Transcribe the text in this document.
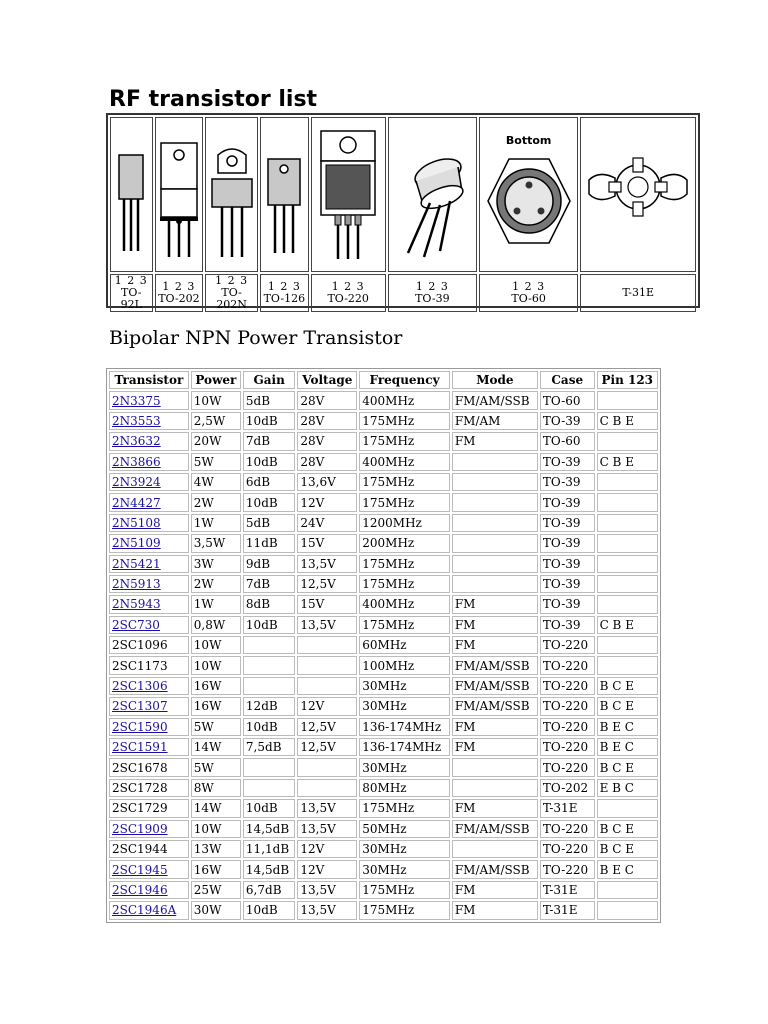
RF transistor list

Bottom

1 2 3
TO-92L	1 2 3
TO-202	1 2 3
TO-202N	1 2 3
TO-126	1 2 3
TO-220	1 2 3
TO-39	1 2 3
TO-60	T-31E
Bipolar NPN Power Transistor
Transistor	Power	Gain	Voltage	Frequency	Mode	Case	Pin 123
2N3375	10W	5dB	28V	400MHz	FM/AM/SSB	TO-60	
2N3553	2,5W	10dB	28V	175MHz	FM/AM	TO-39	C B E
2N3632	20W	7dB	28V	175MHz	FM	TO-60	
2N3866	5W	10dB	28V	400MHz		TO-39	C B E
2N3924	4W	6dB	13,6V	175MHz		TO-39	
2N4427	2W	10dB	12V	175MHz		TO-39	
2N5108	1W	5dB	24V	1200MHz		TO-39	
2N5109	3,5W	11dB	15V	200MHz		TO-39	
2N5421	3W	9dB	13,5V	175MHz		TO-39	
2N5913	2W	7dB	12,5V	175MHz		TO-39	
2N5943	1W	8dB	15V	400MHz	FM	TO-39	
2SC730	0,8W	10dB	13,5V	175MHz	FM	TO-39	C B E
2SC1096	10W			60MHz	FM	TO-220	
2SC1173	10W			100MHz	FM/AM/SSB	TO-220	
2SC1306	16W			30MHz	FM/AM/SSB	TO-220	B C E
2SC1307	16W	12dB	12V	30MHz	FM/AM/SSB	TO-220	B C E
2SC1590	5W	10dB	12,5V	136-174MHz	FM	TO-220	B E C
2SC1591	14W	7,5dB	12,5V	136-174MHz	FM	TO-220	B E C
2SC1678	5W			30MHz		TO-220	B C E
2SC1728	8W			80MHz		TO-202	E B C
2SC1729	14W	10dB	13,5V	175MHz	FM	T-31E	
2SC1909	10W	14,5dB	13,5V	50MHz	FM/AM/SSB	TO-220	B C E
2SC1944	13W	11,1dB	12V	30MHz		TO-220	B C E
2SC1945	16W	14,5dB	12V	30MHz	FM/AM/SSB	TO-220	B E C
2SC1946	25W	6,7dB	13,5V	175MHz	FM	T-31E	
2SC1946A	30W	10dB	13,5V	175MHz	FM	T-31E	
